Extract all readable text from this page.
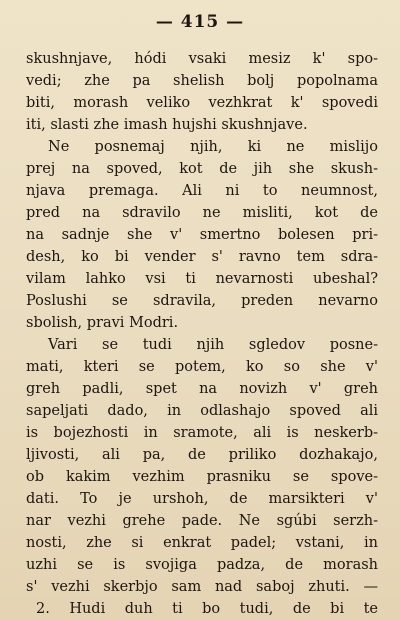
— 415 —
skushnjave, hódi vsaki mesiz k' spo-
vedi; zhe pa shelish bolj popolnama
biti, morash veliko vezhkrat k' spovedi
iti, slasti zhe imash hujshi skushnjave.
Ne posnemaj njih, ki ne mislijo
prej na spoved, kot de jih she skush-
njava premaga. Ali ni to neumnost,
pred na sdravilo ne misliti, kot de
na sadnje she v' smertno bolesen pri-
desh, ko bi vender s' ravno tem sdra-
vilam lahko vsi ti nevarnosti ubeshal?
Poslushi se sdravila, preden nevarno
sbolish, pravi Modri.
Vari se tudi njih sgledov posne-
mati, kteri se potem, ko so she v'
greh padli, spet na novizh v' greh
sapeljati dado, in odlashajo spoved ali
is bojezhosti in sramote, ali is neskerb-
ljivosti, ali pa, de priliko dozhakajo,
ob kakim vezhim prasniku se spove-
dati. To je urshoh, de marsikteri v'
nar vezhi grehe pade. Ne sgúbi serzh-
nosti, zhe si enkrat padel; vstani, in
uzhi se is svojiga padza, de morash
s' vezhi skerbjo sam nad saboj zhuti. —
2. Hudi duh ti bo tudi, de bi te
